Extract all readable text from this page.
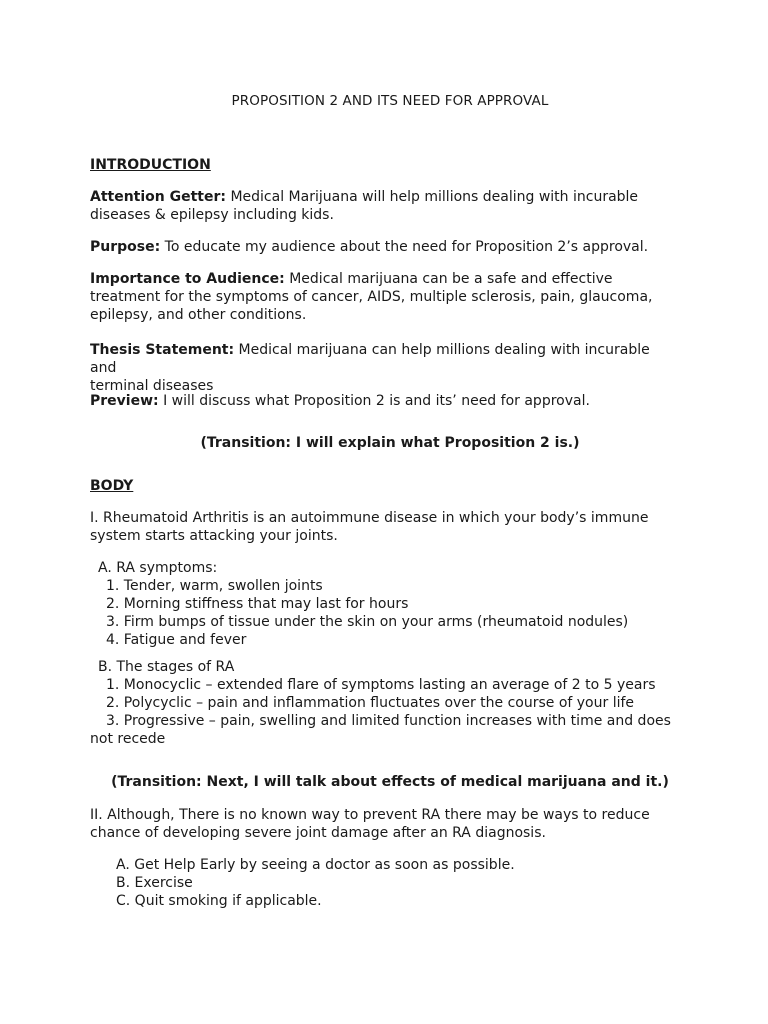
PROPOSITION 2 AND ITS NEED FOR APPROVAL
INTRODUCTION
Attention Getter: Medical Marijuana will help millions dealing with incurable
diseases & epilepsy including kids.
Purpose: To educate my audience about the need for Proposition 2’s approval.
Importance to Audience: Medical marijuana can be a safe and effective
treatment for the symptoms of cancer, AIDS, multiple sclerosis, pain, glaucoma,
epilepsy, and other conditions.
Thesis Statement: Medical marijuana can help millions dealing with incurable and
terminal diseases
Preview: I will discuss what Proposition 2 is and its’ need for approval.
(Transition: I will explain what Proposition 2 is.)
BODY
I. Rheumatoid Arthritis is an autoimmune disease in which your body’s immune
system starts attacking your joints.
A. RA symptoms:
1. Tender, warm, swollen joints
2. Morning stiffness that may last for hours
3. Firm bumps of tissue under the skin on your arms (rheumatoid nodules)
4. Fatigue and fever
B. The stages of RA
1. Monocyclic – extended flare of symptoms lasting an average of 2 to 5 years
2. Polycyclic – pain and inflammation fluctuates over the course of your life
3. Progressive – pain, swelling and limited function increases with time and does
not recede
(Transition: Next, I will talk about effects of medical marijuana and it.)
II. Although, There is no known way to prevent RA there may be ways to reduce
chance of developing severe joint damage after an RA diagnosis.
A. Get Help Early by seeing a doctor as soon as possible.
B. Exercise
C. Quit smoking if applicable.
